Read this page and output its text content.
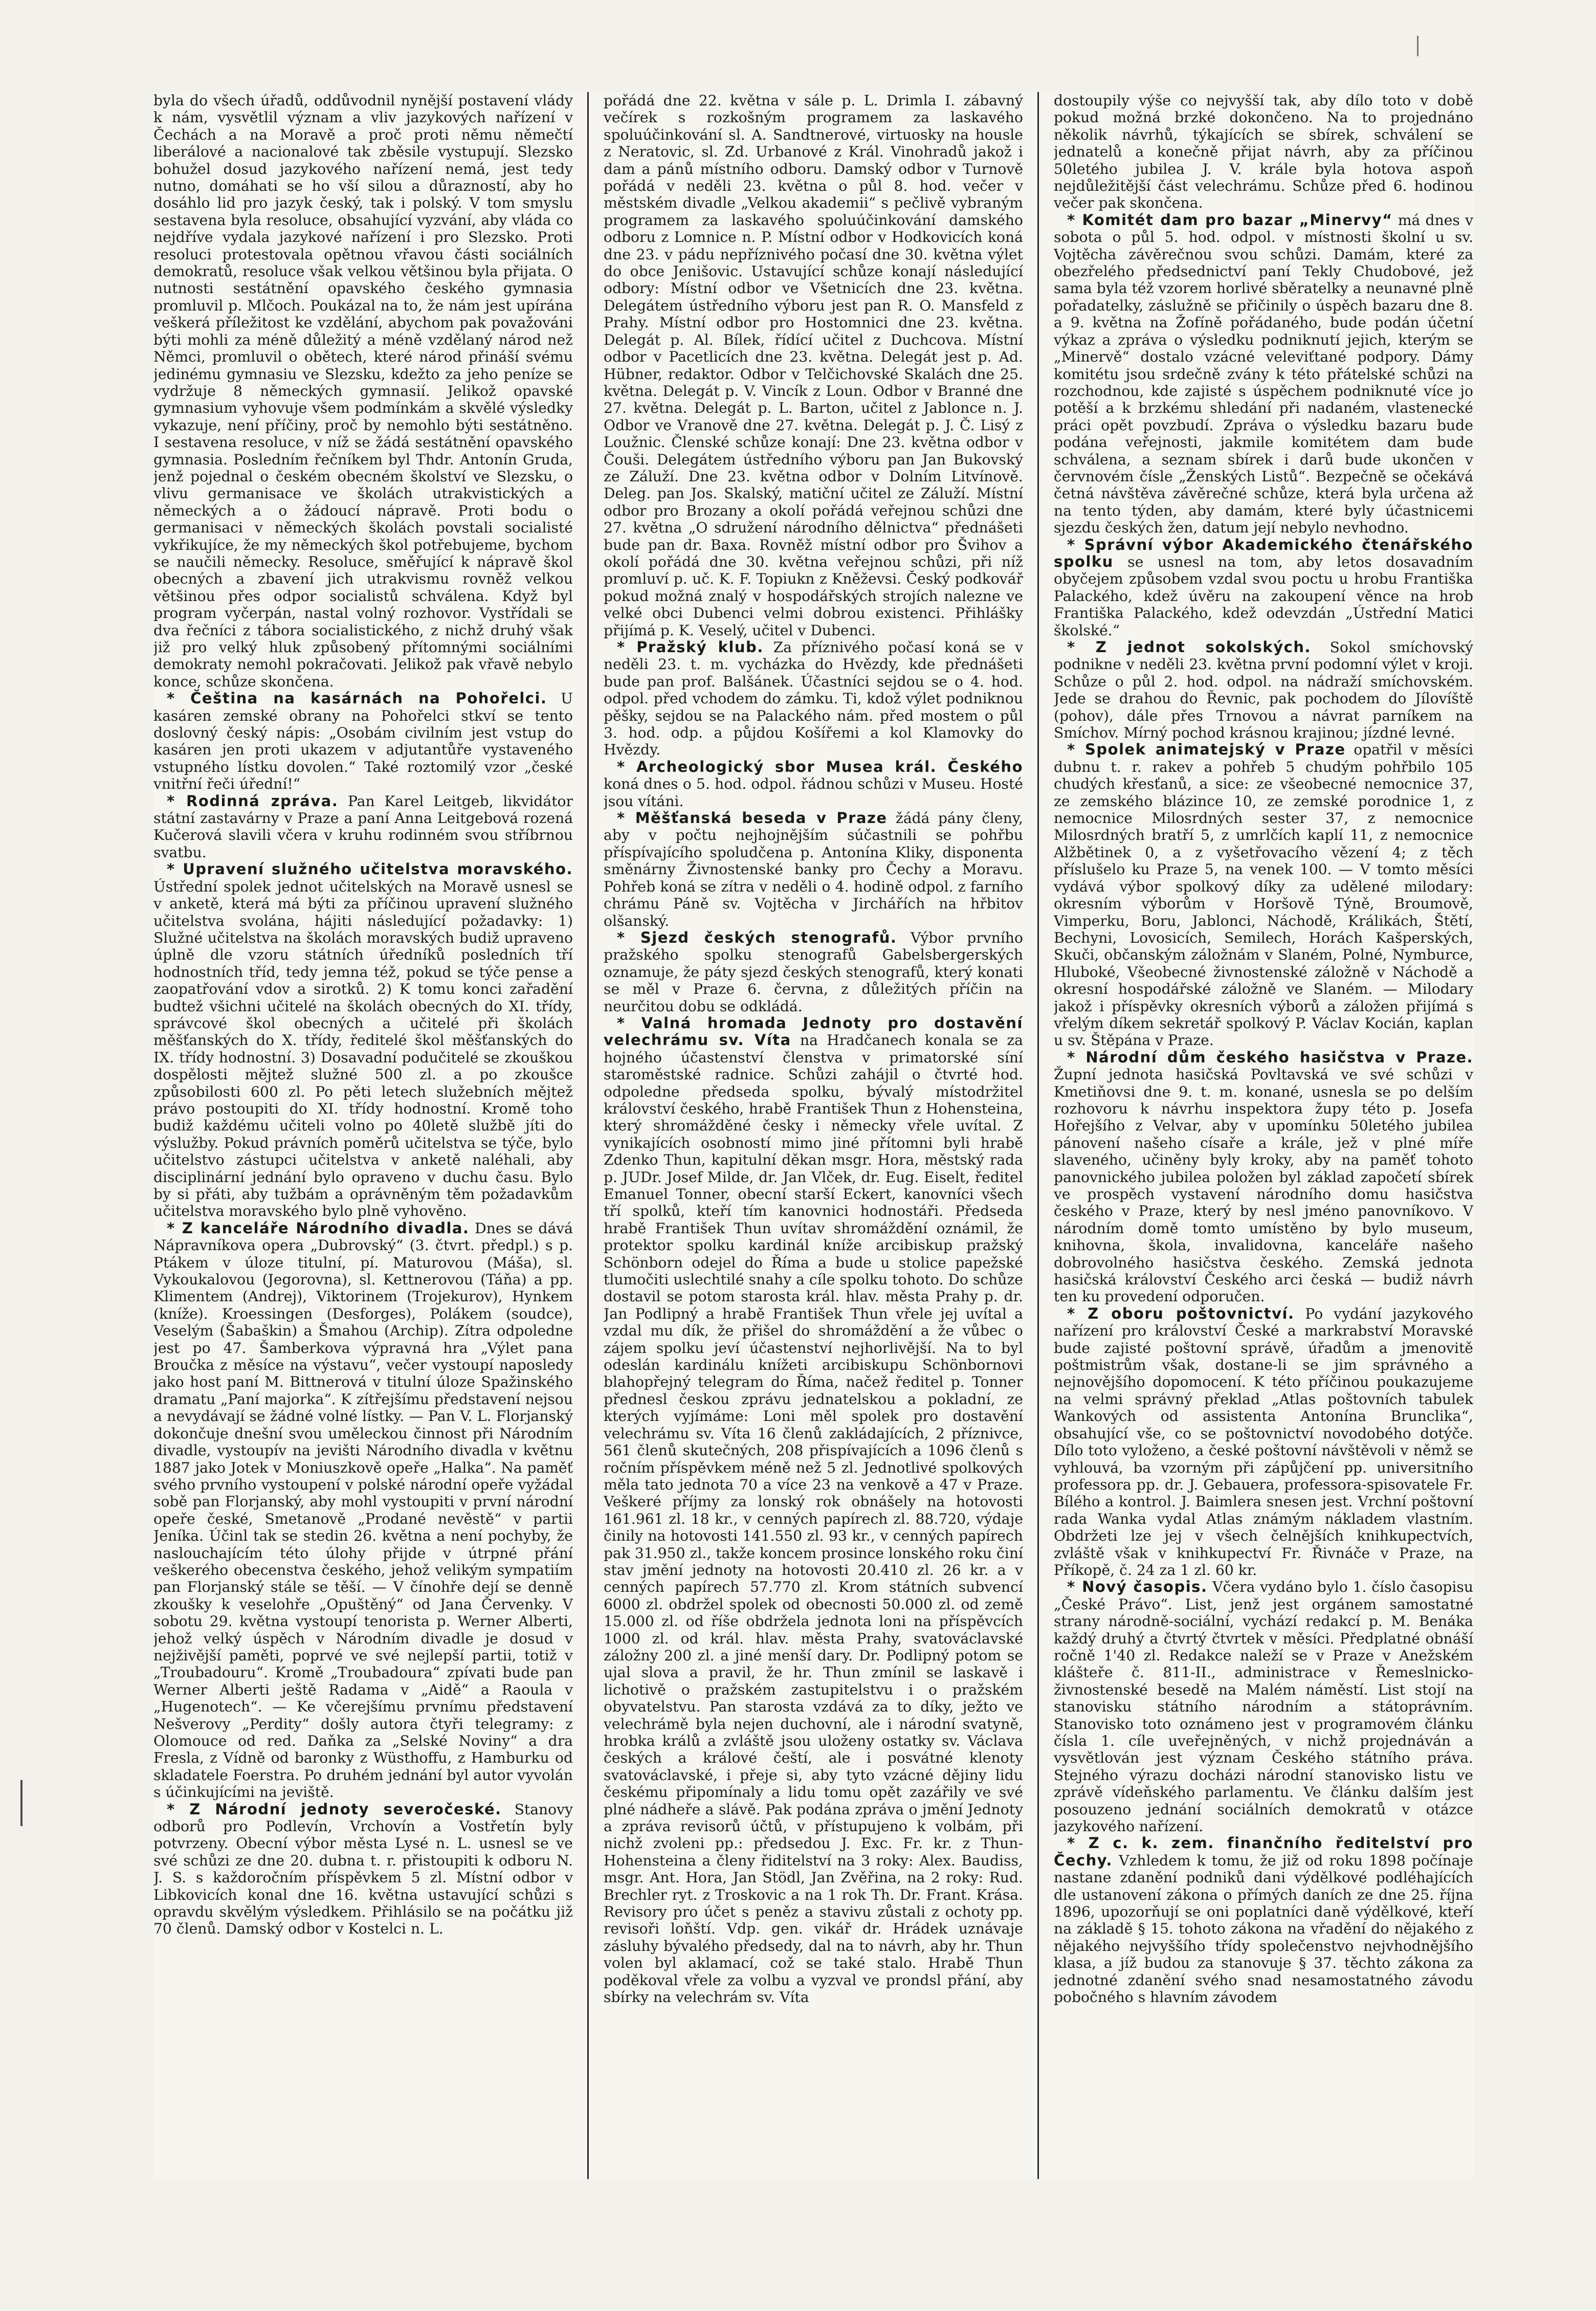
byla do všech úřadů, oddůvodnil nynější postavení vlády k nám, vysvětlil význam a vliv jazykových nařízení v Čechách a na Moravě a proč proti němu němečtí liberálové a nacionalové tak zběsile vystupují. Slezsko bohužel dosud jazykového nařízení nemá, jest tedy nutno, domáhati se ho vší silou a důrazností, aby ho dosáhlo lid pro jazyk český, tak i polský. V tom smyslu sestavena byla resoluce, obsahující vyzvání, aby vláda co nejdříve vydala jazykové nařízení i pro Slezsko. Proti resoluci protestovala opětnou vřavou části sociálních demokratů, resoluce však velkou většinou byla přijata. O nutnosti sestátnění opavského českého gymnasia promluvil p. Mlčoch. Poukázal na to, že nám jest upírána veškerá příležitost ke vzdělání, abychom pak považováni býti mohli za méně důležitý a méně vzdělaný národ než Němci, promluvil o obětech, které národ přináší svému jedinému gymnasiu ve Slezsku, kdežto za jeho peníze se vydržuje 8 německých gymnasií. Jelikož opavské gymnasium vyhovuje všem podmínkám a skvělé výsledky vykazuje, není příčiny, proč by nemohlo býti sestátněno. I sestavena resoluce, v níž se žádá sestátnění opavského gymnasia. Posledním řečníkem byl Thdr. Antonín Gruda, jenž pojednal o českém obecném školství ve Slezsku, o vlivu germanisace ve školách utrakvistických a německých a o žádoucí nápravě. Proti bodu o germanisaci v německých školách povstali socialisté vykřikujíce, že my německých škol potřebujeme, bychom se naučili německy. Resoluce, směřující k nápravě škol obecných a zbavení jich utrakvismu rovněž velkou většinou přes odpor socialistů schválena. Když byl program vyčerpán, nastal volný rozhovor. Vystřídali se dva řečníci z tábora socialistického, z nichž druhý však již pro velký hluk způsobený přítomnými sociálními demokraty nemohl pokračovati. Jelikož pak vřavě nebylo konce, schůze skončena.

* Čeština na kasárnách na Pohořelci. U kasáren zemské obrany na Pohořelci stkví se tento doslovný český nápis: „Osobám civilním jest vstup do kasáren jen proti ukazem v adjutantůře vystaveného vstupného lístku dovolen.“ Také roztomilý vzor „české vnitřní řeči úřední!“

* Rodinná zpráva. Pan Karel Leitgeb, likvidátor státní zastavárny v Praze a paní Anna Leitgebová rozená Kučerová slavili včera v kruhu rodinném svou stříbrnou svatbu.

* Upravení služného učitelstva moravského. Ústřední spolek jednot učitelských na Moravě usnesl se v anketě, která má býti za příčinou upravení služného učitelstva svolána, hájiti následující požadavky: 1) Služné učitelstva na školách moravských budiž upraveno úplně dle vzoru státních úředníků posledních tří hodnostních tříd, tedy jemna též, pokud se týče pense a zaopatřování vdov a sirotků. 2) K tomu konci zařadění budtež všichni učitelé na školách obecných do XI. třídy, správcové škol obecných a učitelé při školách měšťanských do X. třídy, ředitelé škol měšťanských do IX. třídy hodnostní. 3) Dosavadní podučitelé se zkouškou dospělosti mějtež služné 500 zl. a po zkoušce způsobilosti 600 zl. Po pěti letech služebních mějtež právo postoupiti do XI. třídy hodnostní. Kromě toho budiž každému učiteli volno po 40letě službě jíti do výslužby. Pokud právních poměrů učitelstva se týče, bylo učitelstvo zástupci učitelstva v anketě naléhali, aby disciplinární jednání bylo opraveno v duchu času. Bylo by si přáti, aby tužbám a oprávněným těm požadavkům učitelstva moravského bylo plně vyhověno.

* Z kanceláře Národního divadla. Dnes se dává Nápravníkova opera „Dubrovský“ (3. čtvrt. předpl.) s p. Ptákem v úloze titulní, pí. Maturovou (Máša), sl. Vykoukalovou (Jegorovna), sl. Kettnerovou (Táňa) a pp. Klimentem (Andrej), Viktorinem (Trojekurov), Hynkem (kníže). Kroessingen (Desforges), Polákem (soudce), Veselým (Šabaškin) a Šmahou (Archip). Zítra odpoledne jest po 47. Šamberkova výpravná hra „Výlet pana Broučka z měsíce na výstavu“, večer vystoupí naposledy jako host paní M. Bittnerová v titulní úloze Spažinského dramatu „Paní majorka“. K zítřejšímu představení nejsou a nevydávají se žádné volné lístky. — Pan V. L. Florjanský dokončuje dnešní svou uměleckou činnost při Národním divadle, vystoupív na jevišti Národního divadla v květnu 1887 jako Jotek v Moniuszkově opeře „Halka“. Na paměť svého prvního vystoupení v polské národní opeře vyžádal sobě pan Florjanský, aby mohl vystoupiti v první národní opeře české, Smetanově „Prodané nevěstě“ v partii Jeníka. Účinl tak se stedin 26. května a není pochyby, že naslouchajícím této úlohy přijde v útrpné přání veškerého obecenstva českého, jehož velikým sympatiím pan Florjanský stále se těší. — V čínohře dejí se denně zkoušky k veselohře „Opuštěný“ od Jana Červenky. V sobotu 29. května vystoupí tenorista p. Werner Alberti, jehož velký úspěch v Národním divadle je dosud v nejživější paměti, poprvé ve své nejlepší partii, totiž v „Troubadouru“. Kromě „Troubadoura“ zpívati bude pan Werner Alberti ještě Radama v „Aidě“ a Raoula v „Hugenotech“. — Ke včerejšímu prvnímu představení Nešverovy „Perdity“ došly autora čtyři telegramy: z Olomouce od red. Daňka za „Selské Noviny“ a dra Fresla, z Vídně od baronky z Wüsthoffu, z Hamburku od skladatele Foerstra. Po druhém jednání byl autor vyvolán s účinkujícími na jeviště.

* Z Národní jednoty severočeské. Stanovy odborů pro Podlevín, Vrchovín a Vostřetín byly potvrzeny. Obecní výbor města Lysé n. L. usnesl se ve své schůzi ze dne 20. dubna t. r. přistoupiti k odboru N. J. S. s každoročním příspěvkem 5 zl. Místní odbor v Libkovicích konal dne 16. května ustavující schůzi s opravdu skvělým výsledkem. Přihlásilo se na počátku již 70 členů. Damský odbor v Kostelci n. L.

pořádá dne 22. května v sále p. L. Drimla I. zábavný večírek s rozkošným programem za laskavého spoluúčinkování sl. A. Sandtnerové, virtuosky na housle z Neratovic, sl. Zd. Urbanové z Král. Vinohradů jakož i dam a pánů místního odboru. Damský odbor v Turnově pořádá v neděli 23. května o půl 8. hod. večer v městském divadle „Velkou akademii“ s pečlivě vybraným programem za laskavého spoluúčinkování damského odboru z Lomnice n. P. Místní odbor v Hodkovicích koná dne 23. v pádu nepříznivého počasí dne 30. května výlet do obce Jenišovic. Ustavující schůze konají následující odbory: Místní odbor ve Všetnicích dne 23. května. Delegátem ústředního výboru jest pan R. O. Mansfeld z Prahy. Místní odbor pro Hostomnici dne 23. května. Delegát p. Al. Bílek, řídící učitel z Duchcova. Místní odbor v Pacetlicích dne 23. května. Delegát jest p. Ad. Hübner, redaktor. Odbor v Telčichovské Skalách dne 25. května. Delegát p. V. Vincík z Loun. Odbor v Branné dne 27. května. Delegát p. L. Barton, učitel z Jablonce n. J. Odbor ve Vranově dne 27. května. Delegát p. J. Č. Lisý z Loužnic. Členské schůze konají: Dne 23. května odbor v Čouši. Delegátem ústředního výboru pan Jan Bukovský ze Záluží. Dne 23. května odbor v Dolním Litvínově. Deleg. pan Jos. Skalský, matiční učitel ze Záluží. Místní odbor pro Brozany a okolí pořádá veřejnou schůzi dne 27. května „O sdružení národního dělnictva“ přednášeti bude pan dr. Baxa. Rovněž místní odbor pro Švihov a okolí pořádá dne 30. května veřejnou schůzi, při níž promluví p. uč. K. F. Topiukn z Kněževsi. Český podkovář pokud možná znalý v hospodářských strojích nalezne ve velké obci Dubenci velmi dobrou existenci. Přihlášky přijímá p. K. Veselý, učitel v Dubenci.

* Pražský klub. Za příznivého počasí koná se v neděli 23. t. m. vycházka do Hvězdy, kde přednášeti bude pan prof. Balšánek. Účastníci sejdou se o 4. hod. odpol. před vchodem do zámku. Ti, kdož výlet podniknou pěšky, sejdou se na Palackého nám. před mostem o půl 3. hod. odp. a půjdou Košířemi a kol Klamovky do Hvězdy.

* Archeologický sbor Musea král. Českého koná dnes o 5. hod. odpol. řádnou schůzi v Museu. Hosté jsou vítáni.

* Měšťanská beseda v Praze žádá pány členy, aby v počtu nejhojnějším súčastnili se pohřbu příspívajícího spoludčena p. Antonína Kliky, disponenta směnárny Živnostenské banky pro Čechy a Moravu. Pohřeb koná se zítra v neděli o 4. hodině odpol. z farního chrámu Páně sv. Vojtěcha v Jirchářích na hřbitov olšanský.

* Sjezd českých stenografů. Výbor prvního pražského spolku stenografů Gabelsbergerských oznamuje, že páty sjezd českých stenografů, který konati se měl v Praze 6. června, z důležitých příčin na neurčitou dobu se odkládá.

* Valná hromada Jednoty pro dostavění velechrámu sv. Víta na Hradčanech konala se za hojného účastenství členstva v primatorské síní staroměstské radnice. Schůzi zahájil o čtvrté hod. odpoledne předseda spolku, bývalý místodržitel království českého, hrabě František Thun z Hohensteina, který shromážděné česky i německy vřele uvítal. Z vynikajících osobností mimo jiné přítomni byli hrabě Zdenko Thun, kapitulní děkan msgr. Hora, městský rada p. JUDr. Josef Milde, dr. Jan Vlček, dr. Eug. Eiselt, ředitel Emanuel Tonner, obecní starší Eckert, kanovníci všech tří spolků, kteří tím kanovnici hodnostáři. Předseda hrabě František Thun uvítav shromáždění oznámil, že protektor spolku kardinál kníže arcibiskup pražský Schönborn odejel do Říma a bude u stolice papežské tlumočiti uslechtilé snahy a cíle spolku tohoto. Do schůze dostavil se potom starosta král. hlav. města Prahy p. dr. Jan Podlipný a hrabě František Thun vřele jej uvítal a vzdal mu dík, že přišel do shromáždění a že vůbec o zájem spolku jeví účastenství nejhorlivější. Na to byl odeslán kardinálu knížeti arcibiskupu Schönbornovi blahopřejný telegram do Říma, načež ředitel p. Tonner přednesl českou zprávu jednatelskou a pokladní, ze kterých vyjímáme: Loni měl spolek pro dostavění velechrámu sv. Víta 16 členů zakládajících, 2 příznivce, 561 členů skutečných, 208 přispívajících a 1096 členů s ročním příspěvkem méně než 5 zl. Jednotlivé spolkových měla tato jednota 70 a více 23 na venkově a 47 v Praze. Veškeré příjmy za lonský rok obnášely na hotovosti 161.961 zl. 18 kr., v cenných papírech zl. 88.720, výdaje činily na hotovosti 141.550 zl. 93 kr., v cenných papírech pak 31.950 zl., takže koncem prosince lonského roku činí stav jmění jednoty na hotovosti 20.410 zl. 26 kr. a v cenných papírech 57.770 zl. Krom státních subvencí 6000 zl. obdržel spolek od obecnosti 50.000 zl. od země 15.000 zl. od říše obdržela jednota loni na příspěvcích 1000 zl. od král. hlav. města Prahy, svatováclavské záložny 200 zl. a jiné menší dary. Dr. Podlipný potom se ujal slova a pravil, že hr. Thun zmínil se laskavě i lichotivě o pražském zastupitelstvu i o pražském obyvatelstvu. Pan starosta vzdává za to díky, ježto ve velechrámě byla nejen duchovní, ale i národní svatyně, hrobka králů a zvláště jsou uloženy ostatky sv. Václava českých a králové čeští, ale i posvátné klenoty svatováclavské, i přeje si, aby tyto vzácné dějiny lidu českému připomínaly a lidu tomu opět zazářily ve své plné nádheře a slávě. Pak podána zpráva o jmění Jednoty a zpráva revisorů účtů, v přístupujeno k volbám, při nichž zvoleni pp.: předsedou J. Exc. Fr. kr. z Thun-Hohensteina a členy řiditelství na 3 roky: Alex. Baudiss, msgr. Ant. Hora, Jan Stödl, Jan Zvěřina, na 2 roky: Rud. Brechler ryt. z Troskovic a na 1 rok Th. Dr. Frant. Krása. Revisory pro účet s peněz a stavivu zůstali z ochoty pp. revisoři loňští. Vdp. gen. vikář dr. Hrádek uznávaje zásluhy bývalého předsedy, dal na to návrh, aby hr. Thun volen byl aklamací, což se také stalo. Hrabě Thun poděkoval vřele za volbu a vyzval ve prondsl přání, aby sbírky na velechrám sv. Víta

dostoupily výše co nejvyšší tak, aby dílo toto v době pokud možná brzké dokončeno. Na to projednáno několik návrhů, týkajících se sbírek, schválení se jednatelů a konečně přijat návrh, aby za příčinou 50letého jubilea J. V. krále byla hotova aspoň nejdůležitější část velechrámu. Schůze před 6. hodinou večer pak skončena.

* Komitét dam pro bazar „Minervy“ má dnes v sobota o půl 5. hod. odpol. v místnosti školní u sv. Vojtěcha závěrečnou svou schůzi. Damám, které za obezřelého předsednictví paní Tekly Chudobové, jež sama byla též vzorem horlivé sběratelky a neunavné plně pořadatelky, záslužně se přičinily o úspěch bazaru dne 8. a 9. května na Žofíně pořádaného, bude podán účetní výkaz a zpráva o výsledku podniknutí jejich, kterým se „Minervě“ dostalo vzácné veleviťtané podpory. Dámy komitétu jsou srdečně zvány k této přátelské schůzi na rozchodnou, kde zajisté s úspěchem podniknuté více jo potěší a k brzkému shledání při nadaném, vlastenecké práci opět povzbudí. Zpráva o výsledku bazaru bude podána veřejnosti, jakmile komitétem dam bude schválena, a seznam sbírek i darů bude ukončen v červnovém čísle „Ženských Listů“. Bezpečně se očekává četná návštěva závěrečné schůze, která byla určena až na tento týden, aby damám, které byly účastnicemi sjezdu českých žen, datum její nebylo nevhodno.

* Správní výbor Akademického čtenářského spolku se usnesl na tom, aby letos dosavadním obyčejem způsobem vzdal svou poctu u hrobu Františka Palackého, kdež úvěru na zakoupení věnce na hrob Františka Palackého, kdež odevzdán „Ústřední Matici školské.“

* Z jednot sokolských. Sokol smíchovský podnikne v neděli 23. května první podomní výlet v kroji. Schůze o půl 2. hod. odpol. na nádraží smíchovském. Jede se drahou do Řevnic, pak pochodem do Jílovíště (pohov), dále přes Trnovou a návrat parníkem na Smíchov. Mírný pochod krásnou krajinou; jízdné levné.

* Spolek animatejský v Praze opatřil v měsíci dubnu t. r. rakev a pohřeb 5 chudým pohřbilo 105 chudých křesťanů, a sice: ze všeobecné nemocnice 37, ze zemského blázince 10, ze zemské porodnice 1, z nemocnice Milosrdných sester 37, z nemocnice Milosrdných bratří 5, z umrlčích kaplí 11, z nemocnice Alžbětinek 0, a z vyšetřovacího vězení 4; z těch příslušelo ku Praze 5, na venek 100. — V tomto měsíci vydává výbor spolkový díky za udělené milodary: okresním výborům v Horšově Týně, Broumově, Vimperku, Boru, Jablonci, Náchodě, Králikách, Štětí, Bechyni, Lovosicích, Semilech, Horách Kašperských, Skuči, občanským záložnám v Slaném, Polné, Nymburce, Hluboké, Všeobecné živnostenské záložně v Náchodě a okresní hospodářské záložně ve Slaném. — Milodary jakož i příspěvky okresních výborů a záložen přijímá s vřelým díkem sekretář spolkový P. Václav Kocián, kaplan u sv. Štěpána v Praze.

* Národní dům českého hasičstva v Praze. Župní jednota hasičská Povltavská ve své schůzi v Kmetiňovsi dne 9. t. m. konané, usnesla se po delším rozhovoru k návrhu inspektora župy této p. Josefa Hořejšího z Velvar, aby v upomínku 50letého jubilea pánovení našeho císaře a krále, jež v plné míře slaveného, učiněny byly kroky, aby na paměť tohoto panovnického jubilea položen byl základ započetí sbírek ve prospěch vystavení národního domu hasičstva českého v Praze, který by nesl jméno panovníkovo. V národním domě tomto umístěno by bylo museum, knihovna, škola, invalidovna, kanceláře našeho dobrovolného hasičstva českého. Zemská jednota hasičská království Českého arci česká — budiž návrh ten ku provedení odporučen.

* Z oboru poštovnictví. Po vydání jazykového nařízení pro království České a markrabství Moravské bude zajisté poštovní správě, úřadům a jmenovitě poštmistrům však, dostane-li se jim správného a nejnovějšího dopomocení. K této příčinou poukazujeme na velmi správný překlad „Atlas poštovních tabulek Wankových od assistenta Antonína Brunclika“, obsahující vše, co se poštovnictví novodobého dotýče. Dílo toto vyloženo, a české poštovní návštěvoli v němž se vyhlouvá, ba vzorným při zápůjčení pp. universitního professora pp. dr. J. Gebauera, professora-spisovatele Fr. Bílého a kontrol. J. Baimlera snesen jest. Vrchní poštovní rada Wanka vydal Atlas známým nákladem vlastním. Obdržeti lze jej v všech čelnějších knihkupectvích, zvláště však v knihkupectví Fr. Řivnáče v Praze, na Příkopě, č. 24 za 1 zl. 60 kr.

* Nový časopis. Včera vydáno bylo 1. číslo časopisu „České Právo“. List, jenž jest orgánem samostatné strany národně-sociální, vychází redakcí p. M. Benáka každý druhý a čtvrtý čtvrtek v měsíci. Předplatné obnáší ročně 1'40 zl. Redakce naleží se v Praze v Anežském klášteře č. 811-II., administrace v Řemeslnicko-živnostenské besedě na Malém náměstí. List stojí na stanovisku státního národním a státoprávním. Stanovisko toto oznámeno jest v programovém článku čísla 1. cíle uveřejněných, v nichž projednáván a vysvětlován jest význam Českého státního práva. Stejného výrazu docházi národní stanovisko listu ve zprávě vídeňského parlamentu. Ve článku dalším jest posouzeno jednání sociálních demokratů v otázce jazykového nařízení.

* Z c. k. zem. finančního ředitelství pro Čechy. Vzhledem k tomu, že již od roku 1898 počínaje nastane zdanění podniků dani výdělkové podléhajících dle ustanovení zákona o přímých daních ze dne 25. října 1896, upozorňují se oni poplatníci daně výdělkové, kteří na základě § 15. tohoto zákona na vřadění do nějakého z nějakého nejvyššího třídy společenstvo nejvhodnějšího klasa, a jíž budou za stanovuje § 37. těchto zákona za jednotné zdanění svého snad nesamostatného závodu pobočného s hlavním závodem
